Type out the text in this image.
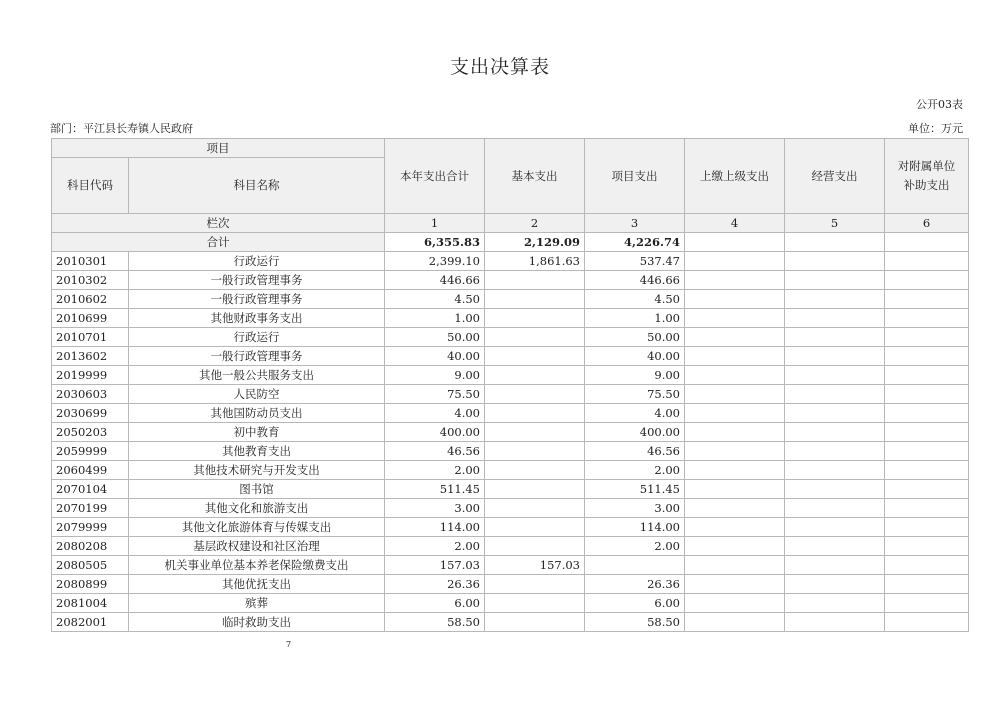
支出决算表
公开03表
部门：平江县长寿镇人民政府	单位：万元
项目		本年支出合计	基本支出	项目支出	上缴上级支出	经营支出	对附属单位补助支出
科目代码	科目名称						
栏次		1	2	3	4	5	6
合计		6,355.83	2,129.09	4,226.74			
2010301	行政运行	2,399.10	1,861.63	537.47			
2010302	一般行政管理事务	446.66		446.66			
2010602	一般行政管理事务	4.50		4.50			
2010699	其他财政事务支出	1.00		1.00			
2010701	行政运行	50.00		50.00			
2013602	一般行政管理事务	40.00		40.00			
2019999	其他一般公共服务支出	9.00		9.00			
2030603	人民防空	75.50		75.50			
2030699	其他国防动员支出	4.00		4.00			
2050203	初中教育	400.00		400.00			
2059999	其他教育支出	46.56		46.56			
2060499	其他技术研究与开发支出	2.00		2.00			
2070104	图书馆	511.45		511.45			
2070199	其他文化和旅游支出	3.00		3.00			
2079999	其他文化旅游体育与传媒支出	114.00		114.00			
2080208	基层政权建设和社区治理	2.00		2.00			
2080505	机关事业单位基本养老保险缴费支出	157.03	157.03				
2080899	其他优抚支出	26.36		26.36			
2081004	殡葬	6.00		6.00			
2082001	临时救助支出	58.50		58.50			
7
